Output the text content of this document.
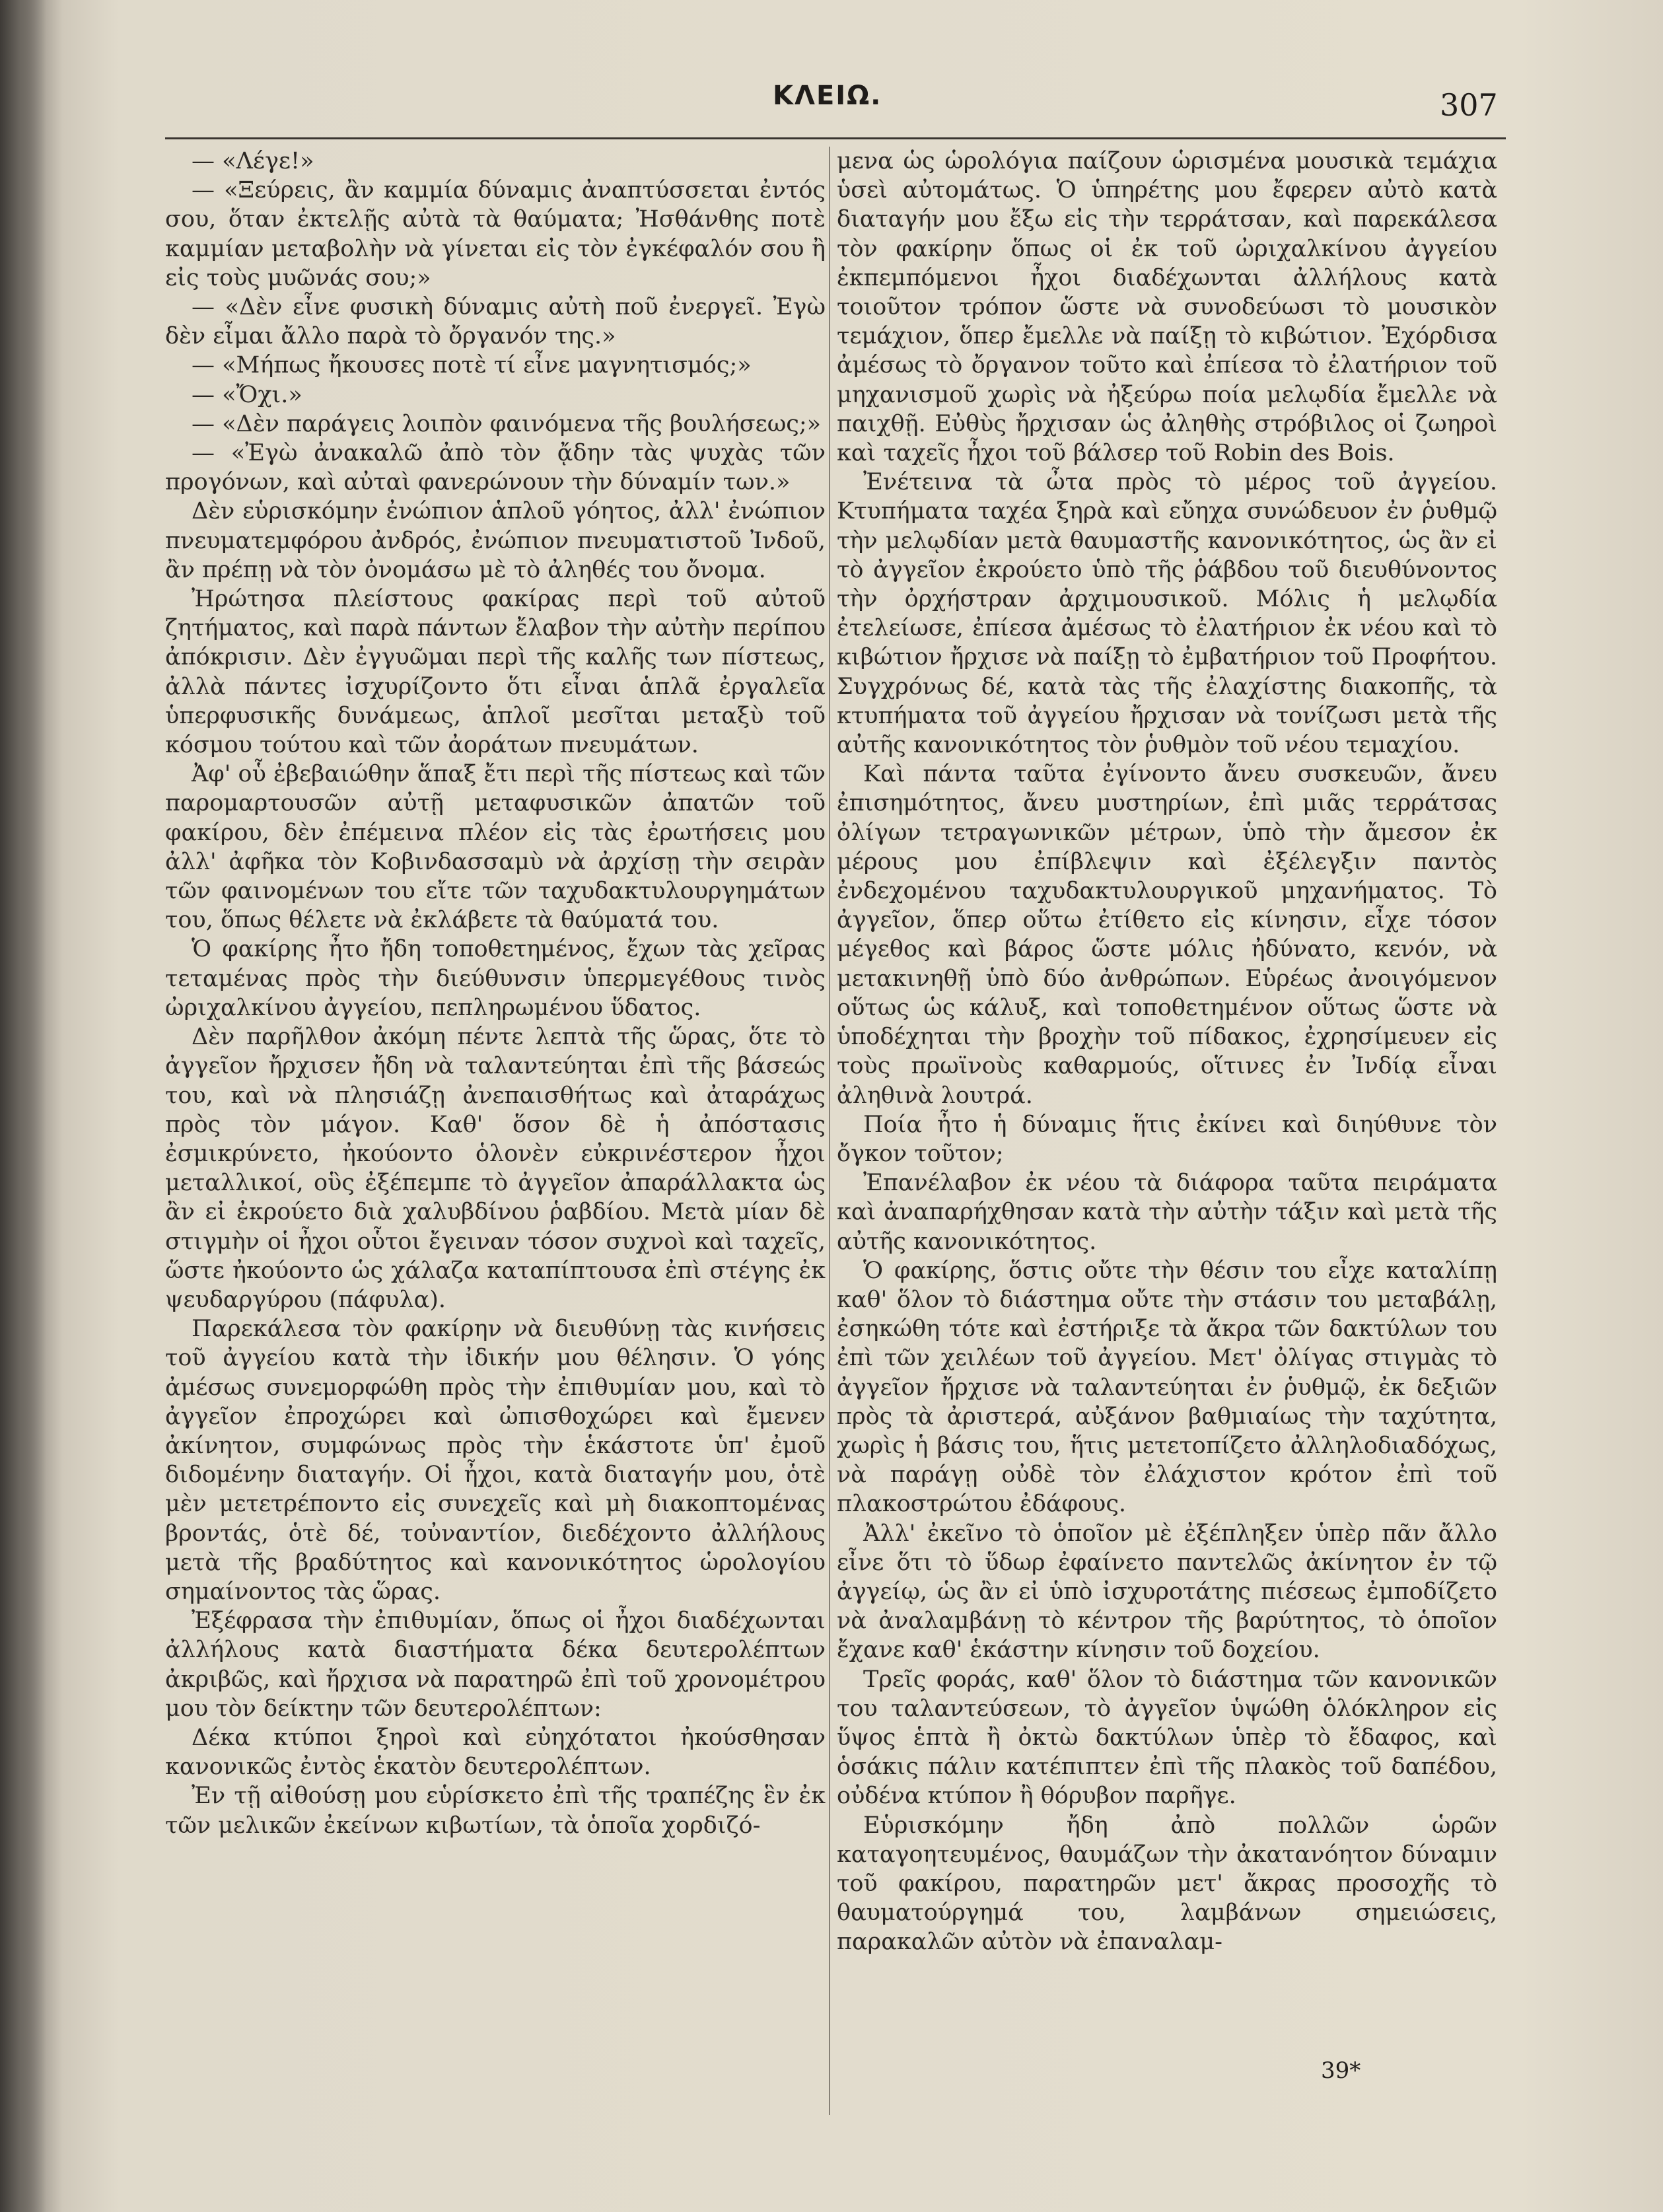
ΚΛΕΙΩ.	307

— «Λέγε!»

— «Ξεύρεις, ἂν καμμία δύναμις ἀναπτύσσεται ἐντός σου, ὅταν ἐκτελῇς αὐτὰ τὰ θαύματα; Ἠσθάνθης ποτὲ καμμίαν μεταβολὴν νὰ γίνεται εἰς τὸν ἐγκέφαλόν σου ἢ εἰς τοὺς μυῶνάς σου;»

— «Δὲν εἶνε φυσικὴ δύναμις αὐτὴ ποῦ ἐνεργεῖ. Ἐγὼ δὲν εἶμαι ἄλλο παρὰ τὸ ὄργανόν της.»

— «Μήπως ἤκουσες ποτὲ τί εἶνε μαγνητισμός;»

— «Ὄχι.»

— «Δὲν παράγεις λοιπὸν φαινόμενα τῆς βουλήσεως;»

— «Ἐγὼ ἀνακαλῶ ἀπὸ τὸν ᾄδην τὰς ψυχὰς τῶν προγόνων, καὶ αὐταὶ φανερώνουν τὴν δύναμίν των.»

Δὲν εὑρισκόμην ἐνώπιον ἁπλοῦ γόητος, ἀλλ' ἐνώπιον πνευματεμφόρου ἀνδρός, ἐνώπιον πνευματιστοῦ Ἰνδοῦ, ἂν πρέπῃ νὰ τὸν ὀνομάσω μὲ τὸ ἀληθές του ὄνομα.

Ἠρώτησα πλείστους φακίρας περὶ τοῦ αὐτοῦ ζητήματος, καὶ παρὰ πάντων ἔλαβον τὴν αὐτὴν περίπου ἀπόκρισιν. Δὲν ἐγγυῶμαι περὶ τῆς καλῆς των πίστεως, ἀλλὰ πάντες ἰσχυρίζοντο ὅτι εἶναι ἁπλᾶ ἐργαλεῖα ὑπερφυσικῆς δυνάμεως, ἁπλοῖ μεσῖται μεταξὺ τοῦ κόσμου τούτου καὶ τῶν ἀοράτων πνευμάτων.

Ἀφ' οὗ ἐβεβαιώθην ἅπαξ ἔτι περὶ τῆς πίστεως καὶ τῶν παρομαρτουσῶν αὐτῇ μεταφυσικῶν ἀπατῶν τοῦ φακίρου, δὲν ἐπέμεινα πλέον εἰς τὰς ἐρωτήσεις μου ἀλλ' ἀφῆκα τὸν Κοβινδασσαμὺ νὰ ἀρχίσῃ τὴν σειρὰν τῶν φαινομένων του εἴτε τῶν ταχυδακτυλουργημάτων του, ὅπως θέλετε νὰ ἐκλάβετε τὰ θαύματά του.

Ὁ φακίρης ἦτο ἤδη τοποθετημένος, ἔχων τὰς χεῖρας τεταμένας πρὸς τὴν διεύθυνσιν ὑπερμεγέθους τινὸς ὠριχαλκίνου ἀγγείου, πεπληρωμένου ὕδατος.

Δὲν παρῆλθον ἀκόμη πέντε λεπτὰ τῆς ὥρας, ὅτε τὸ ἀγγεῖον ἤρχισεν ἤδη νὰ ταλαντεύηται ἐπὶ τῆς βάσεώς του, καὶ νὰ πλησιάζῃ ἀνεπαισθήτως καὶ ἀταράχως πρὸς τὸν μάγον. Καθ' ὅσον δὲ ἡ ἀπόστασις ἐσμικρύνετο, ἠκούοντο ὁλονὲν εὐκρινέστερον ἦχοι μεταλλικοί, οὓς ἐξέπεμπε τὸ ἀγγεῖον ἀπαράλλακτα ὡς ἂν εἰ ἐκρούετο διὰ χαλυβδίνου ῥαβδίου. Μετὰ μίαν δὲ στιγμὴν οἱ ἦχοι οὗτοι ἔγειναν τόσον συχνοὶ καὶ ταχεῖς, ὥστε ἠκούοντο ὡς χάλαζα καταπίπτουσα ἐπὶ στέγης ἐκ ψευδαργύρου (πάφυλα).

Παρεκάλεσα τὸν φακίρην νὰ διευθύνῃ τὰς κινήσεις τοῦ ἀγγείου κατὰ τὴν ἰδικήν μου θέλησιν. Ὁ γόης ἀμέσως συνεμορφώθη πρὸς τὴν ἐπιθυμίαν μου, καὶ τὸ ἀγγεῖον ἐπροχώρει καὶ ὠπισθοχώρει καὶ ἔμενεν ἀκίνητον, συμφώνως πρὸς τὴν ἑκάστοτε ὑπ' ἐμοῦ διδομένην διαταγήν. Οἱ ἦχοι, κατὰ διαταγήν μου, ὁτὲ μὲν μετετρέποντο εἰς συνεχεῖς καὶ μὴ διακοπτομένας βροντάς, ὁτὲ δέ, τοὐναντίον, διεδέχοντο ἀλλήλους μετὰ τῆς βραδύτητος καὶ κανονικότητος ὡρολογίου σημαίνοντος τὰς ὥρας.

Ἐξέφρασα τὴν ἐπιθυμίαν, ὅπως οἱ ἦχοι διαδέχωνται ἀλλήλους κατὰ διαστήματα δέκα δευτερολέπτων ἀκριβῶς, καὶ ἤρχισα νὰ παρατηρῶ ἐπὶ τοῦ χρονομέτρου μου τὸν δείκτην τῶν δευτερολέπτων:

Δέκα κτύποι ξηροὶ καὶ εὐηχότατοι ἠκούσθησαν κανονικῶς ἐντὸς ἑκατὸν δευτερολέπτων.

Ἐν τῇ αἰθούσῃ μου εὑρίσκετο ἐπὶ τῆς τραπέζης ἓν ἐκ τῶν μελικῶν ἐκείνων κιβωτίων, τὰ ὁποῖα χορδιζό-

μενα ὡς ὡρολόγια παίζουν ὡρισμένα μουσικὰ τεμάχια ὑσεὶ αὐτομάτως. Ὁ ὑπηρέτης μου ἔφερεν αὐτὸ κατὰ διαταγήν μου ἔξω εἰς τὴν τερράτσαν, καὶ παρεκάλεσα τὸν φακίρην ὅπως οἱ ἐκ τοῦ ὠριχαλκίνου ἀγγείου ἐκπεμπόμενοι ἦχοι διαδέχωνται ἀλλήλους κατὰ τοιοῦτον τρόπον ὥστε νὰ συνοδεύωσι τὸ μουσικὸν τεμάχιον, ὅπερ ἔμελλε νὰ παίξῃ τὸ κιβώτιον. Ἐχόρδισα ἀμέσως τὸ ὄργανον τοῦτο καὶ ἐπίεσα τὸ ἐλατήριον τοῦ μηχανισμοῦ χωρὶς νὰ ἠξεύρω ποία μελῳδία ἔμελλε νὰ παιχθῇ. Εὐθὺς ἤρχισαν ὡς ἀληθὴς στρόβιλος οἱ ζωηροὶ καὶ ταχεῖς ἦχοι τοῦ βάλσερ τοῦ Robin des Bois.

Ἐνέτεινα τὰ ὦτα πρὸς τὸ μέρος τοῦ ἀγγείου. Κτυπήματα ταχέα ξηρὰ καὶ εὔηχα συνώδευον ἐν ῥυθμῷ τὴν μελῳδίαν μετὰ θαυμαστῆς κανονικότητος, ὡς ἂν εἰ τὸ ἀγγεῖον ἐκρούετο ὑπὸ τῆς ῥάβδου τοῦ διευθύνοντος τὴν ὀρχήστραν ἀρχιμουσικοῦ. Μόλις ἡ μελῳδία ἐτελείωσε, ἐπίεσα ἀμέσως τὸ ἐλατήριον ἐκ νέου καὶ τὸ κιβώτιον ἤρχισε νὰ παίξῃ τὸ ἐμβατήριον τοῦ Προφήτου. Συγχρόνως δέ, κατὰ τὰς τῆς ἐλαχίστης διακοπῆς, τὰ κτυπήματα τοῦ ἀγγείου ἤρχισαν νὰ τονίζωσι μετὰ τῆς αὐτῆς κανονικότητος τὸν ῥυθμὸν τοῦ νέου τεμαχίου.

Καὶ πάντα ταῦτα ἐγίνοντο ἄνευ συσκευῶν, ἄνευ ἐπισημότητος, ἄνευ μυστηρίων, ἐπὶ μιᾶς τερράτσας ὀλίγων τετραγωνικῶν μέτρων, ὑπὸ τὴν ἄμεσον ἐκ μέρους μου ἐπίβλεψιν καὶ ἐξέλεγξιν παντὸς ἐνδεχομένου ταχυδακτυλουργικοῦ μηχανήματος. Τὸ ἀγγεῖον, ὅπερ οὕτω ἐτίθετο εἰς κίνησιν, εἶχε τόσον μέγεθος καὶ βάρος ὥστε μόλις ἠδύνατο, κενόν, νὰ μετακινηθῇ ὑπὸ δύο ἀνθρώπων. Εὑρέως ἀνοιγόμενον οὕτως ὡς κάλυξ, καὶ τοποθετημένον οὕτως ὥστε νὰ ὑποδέχηται τὴν βροχὴν τοῦ πίδακος, ἐχρησίμευεν εἰς τοὺς πρωϊνοὺς καθαρμούς, οἵτινες ἐν Ἰνδίᾳ εἶναι ἀληθινὰ λουτρά.

Ποία ἦτο ἡ δύναμις ἥτις ἐκίνει καὶ διηύθυνε τὸν ὄγκον τοῦτον;

Ἐπανέλαβον ἐκ νέου τὰ διάφορα ταῦτα πειράματα καὶ ἀναπαρήχθησαν κατὰ τὴν αὐτὴν τάξιν καὶ μετὰ τῆς αὐτῆς κανονικότητος.

Ὁ φακίρης, ὅστις οὔτε τὴν θέσιν του εἶχε καταλίπῃ καθ' ὅλον τὸ διάστημα οὔτε τὴν στάσιν του μεταβάλῃ, ἐσηκώθη τότε καὶ ἐστήριξε τὰ ἄκρα τῶν δακτύλων του ἐπὶ τῶν χειλέων τοῦ ἀγγείου. Μετ' ὀλίγας στιγμὰς τὸ ἀγγεῖον ἤρχισε νὰ ταλαντεύηται ἐν ῥυθμῷ, ἐκ δεξιῶν πρὸς τὰ ἀριστερά, αὐξάνον βαθμιαίως τὴν ταχύτητα, χωρὶς ἡ βάσις του, ἥτις μετετοπίζετο ἀλληλοδιαδόχως, νὰ παράγῃ οὐδὲ τὸν ἐλάχιστον κρότον ἐπὶ τοῦ πλακοστρώτου ἐδάφους.

Ἀλλ' ἐκεῖνο τὸ ὁποῖον μὲ ἐξέπληξεν ὑπὲρ πᾶν ἄλλο εἶνε ὅτι τὸ ὕδωρ ἐφαίνετο παντελῶς ἀκίνητον ἐν τῷ ἀγγείῳ, ὡς ἂν εἰ ὑπὸ ἰσχυροτάτης πιέσεως ἐμποδίζετο νὰ ἀναλαμβάνῃ τὸ κέντρον τῆς βαρύτητος, τὸ ὁποῖον ἔχανε καθ' ἑκάστην κίνησιν τοῦ δοχείου.

Τρεῖς φοράς, καθ' ὅλον τὸ διάστημα τῶν κανονικῶν του ταλαντεύσεων, τὸ ἀγγεῖον ὑψώθη ὁλόκληρον εἰς ὕψος ἑπτὰ ἢ ὀκτὼ δακτύλων ὑπὲρ τὸ ἔδαφος, καὶ ὁσάκις πάλιν κατέπιπτεν ἐπὶ τῆς πλακὸς τοῦ δαπέδου, οὐδένα κτύπον ἢ θόρυβον παρῆγε.

Εὑρισκόμην ἤδη ἀπὸ πολλῶν ὡρῶν καταγοητευμένος, θαυμάζων τὴν ἀκατανόητον δύναμιν τοῦ φακίρου, παρατηρῶν μετ' ἄκρας προσοχῆς τὸ θαυματούργημά του, λαμβάνων σημειώσεις, παρακαλῶν αὐτὸν νὰ ἐπαναλαμ-

39*
